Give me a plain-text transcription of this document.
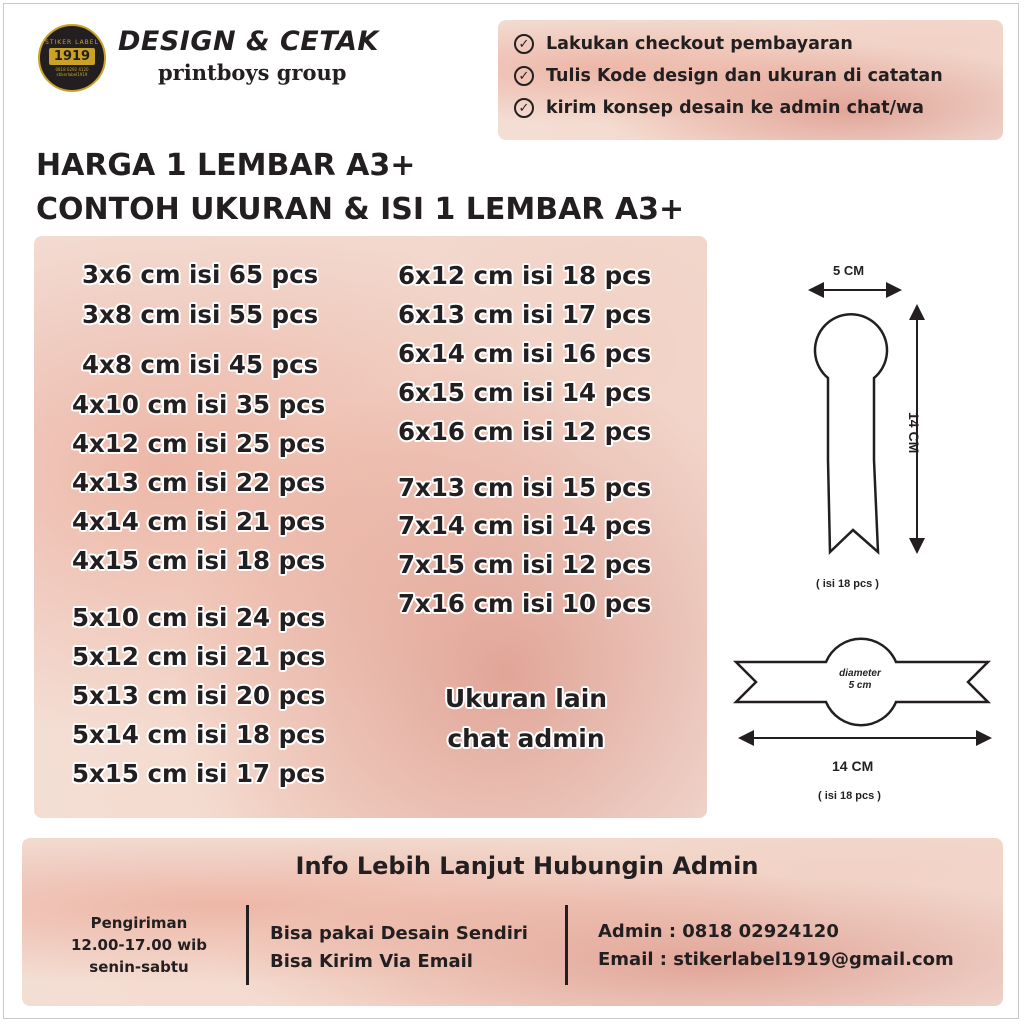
STIKER LABEL
1919
0818 0292 4120
stikerlabel1919
DESIGN & CETAK
printboys group
✓ Lakukan checkout pembayaran
✓ Tulis Kode design dan ukuran di catatan
✓ kirim konsep desain ke admin chat/wa
HARGA 1 LEMBAR A3+
CONTOH UKURAN & ISI 1 LEMBAR A3+
3x6 cm isi 65 pcs
3x8 cm isi 55 pcs
4x8 cm isi 45 pcs
4x10 cm isi 35 pcs
4x12 cm isi 25 pcs
4x13 cm isi 22 pcs
4x14 cm isi 21 pcs
4x15 cm isi 18 pcs
5x10 cm isi 24 pcs
5x12 cm isi 21 pcs
5x13 cm isi 20 pcs
5x14 cm isi 18 pcs
5x15 cm isi 17 pcs
6x12 cm isi 18 pcs
6x13 cm isi 17 pcs
6x14 cm isi 16 pcs
6x15 cm isi 14 pcs
6x16 cm isi 12 pcs
7x13 cm isi 15 pcs
7x14 cm isi 14 pcs
7x15 cm isi 12 pcs
7x16 cm isi 10 pcs
Ukuran lain
chat admin
5 CM
14 CM
( isi 18 pcs )
diameter
5 cm
14 CM
( isi 18 pcs )
Info Lebih Lanjut Hubungin Admin
Pengiriman
12.00-17.00 wib
senin-sabtu
Bisa pakai Desain Sendiri
Bisa Kirim Via Email
Admin : 0818 02924120
Email : stikerlabel1919@gmail.com
